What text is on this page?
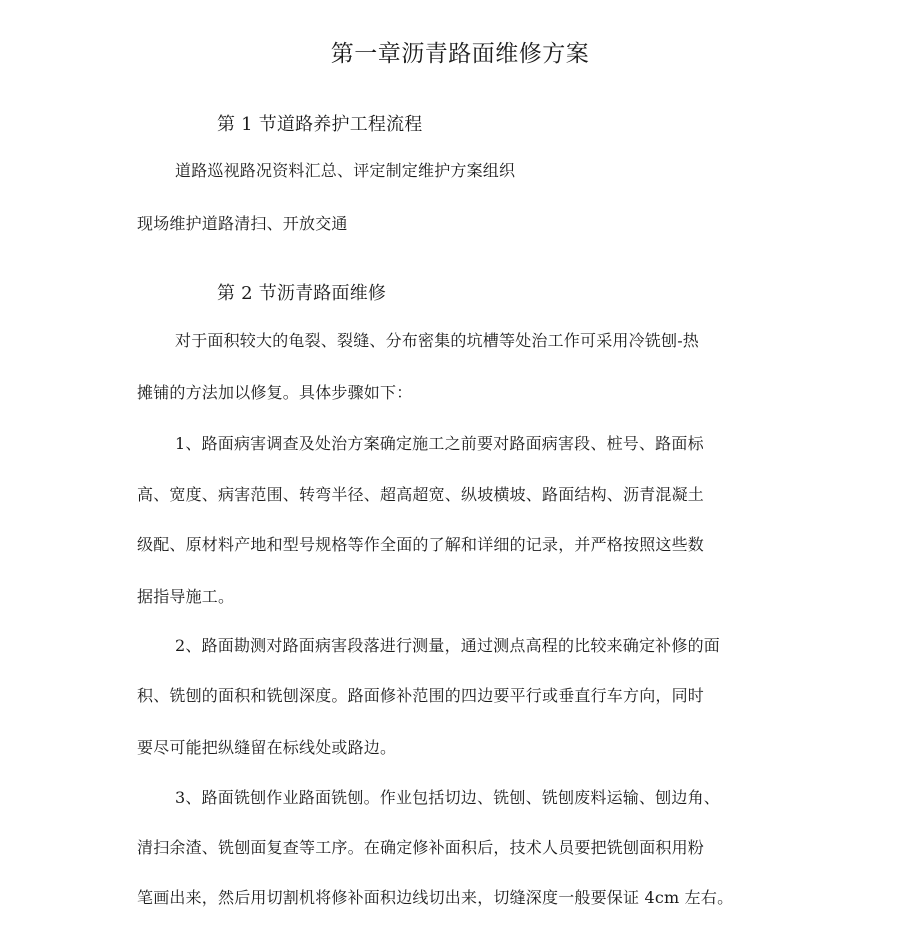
第一章沥青路面维修方案
第 1 节道路养护工程流程
道路巡视路况资料汇总、评定制定维护方案组织
现场维护道路清扫、开放交通
第 2 节沥青路面维修
对于面积较大的龟裂、裂缝、分布密集的坑槽等处治工作可采用冷铣刨-热
摊铺的方法加以修复。具体步骤如下：
1、路面病害调查及处治方案确定施工之前要对路面病害段、桩号、路面标
高、宽度、病害范围、转弯半径、超高超宽、纵坡横坡、路面结构、沥青混凝土
级配、原材料产地和型号规格等作全面的了解和详细的记录，并严格按照这些数
据指导施工。
2、路面勘测对路面病害段落进行测量，通过测点高程的比较来确定补修的面
积、铣刨的面积和铣刨深度。路面修补范围的四边要平行或垂直行车方向，同时
要尽可能把纵缝留在标线处或路边。
3、路面铣刨作业路面铣刨。作业包括切边、铣刨、铣刨废料运输、刨边角、
清扫余渣、铣刨面复查等工序。在确定修补面积后，技术人员要把铣刨面积用粉
笔画出来，然后用切割机将修补面积边线切出来，切缝深度一般要保证 4cm 左右。
